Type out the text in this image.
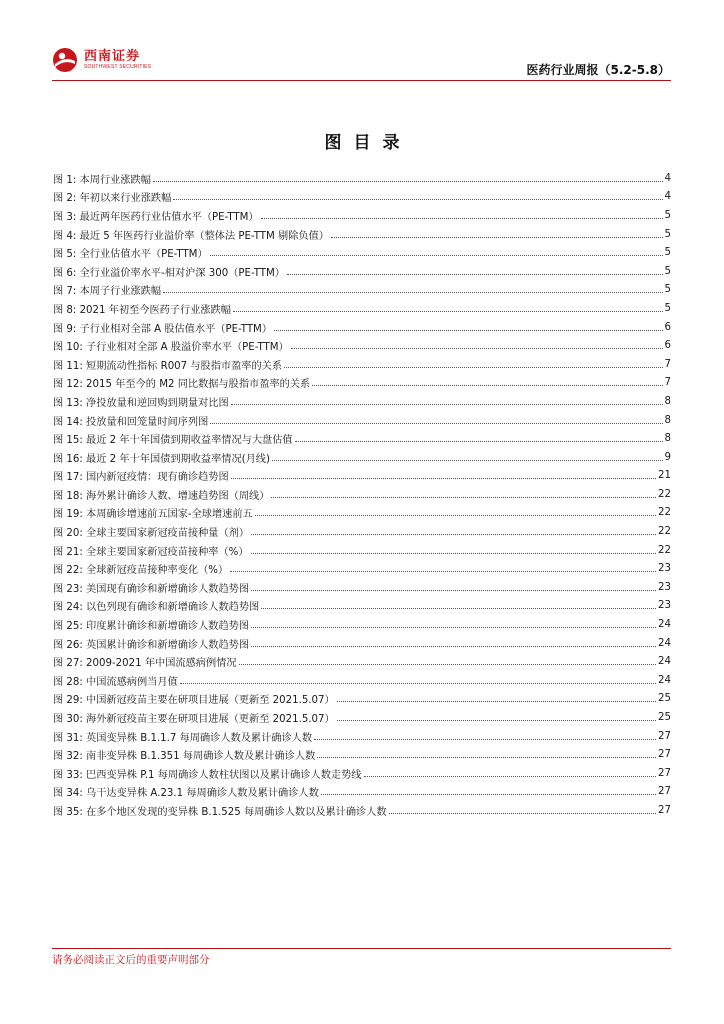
西南证券
SOUTHWEST SECURITIES	医药行业周报（5.2-5.8）
图目录
图 1: 本周行业涨跌幅	4
图 2: 年初以来行业涨跌幅	4
图 3: 最近两年医药行业估值水平（PE-TTM）	5
图 4: 最近 5 年医药行业溢价率（整体法 PE-TTM 剔除负值）	5
图 5: 全行业估值水平（PE-TTM）	5
图 6: 全行业溢价率水平-相对沪深 300（PE-TTM）	5
图 7: 本周子行业涨跌幅	5
图 8: 2021 年初至今医药子行业涨跌幅	5
图 9: 子行业相对全部 A 股估值水平（PE-TTM）	6
图 10: 子行业相对全部 A 股溢价率水平（PE-TTM）	6
图 11: 短期流动性指标 R007 与股指市盈率的关系	7
图 12: 2015 年至今的 M2 同比数据与股指市盈率的关系	7
图 13: 净投放量和逆回购到期量对比图	8
图 14: 投放量和回笼量时间序列图	8
图 15: 最近 2 年十年国债到期收益率情况与大盘估值	8
图 16: 最近 2 年十年国债到期收益率情况(月线)	9
图 17: 国内新冠疫情：现有确诊趋势图	21
图 18: 海外累计确诊人数、增速趋势图（周线）	22
图 19: 本周确诊增速前五国家-全球增速前五	22
图 20: 全球主要国家新冠疫苗接种量（剂）	22
图 21: 全球主要国家新冠疫苗接种率（%）	22
图 22: 全球新冠疫苗接种率变化（%）	23
图 23: 美国现有确诊和新增确诊人数趋势图	23
图 24: 以色列现有确诊和新增确诊人数趋势图	23
图 25: 印度累计确诊和新增确诊人数趋势图	24
图 26: 英国累计确诊和新增确诊人数趋势图	24
图 27: 2009-2021 年中国流感病例情况	24
图 28: 中国流感病例当月值	24
图 29: 中国新冠疫苗主要在研项目进展（更新至 2021.5.07）	25
图 30: 海外新冠疫苗主要在研项目进展（更新至 2021.5.07）	25
图 31: 英国变异株 B.1.1.7 每周确诊人数及累计确诊人数	27
图 32: 南非变异株 B.1.351 每周确诊人数及累计确诊人数	27
图 33: 巴西变异株 P.1 每周确诊人数柱状图以及累计确诊人数走势线	27
图 34: 乌干达变异株 A.23.1 每周确诊人数及累计确诊人数	27
图 35: 在多个地区发现的变异株 B.1.525 每周确诊人数以及累计确诊人数	27
请务必阅读正文后的重要声明部分
